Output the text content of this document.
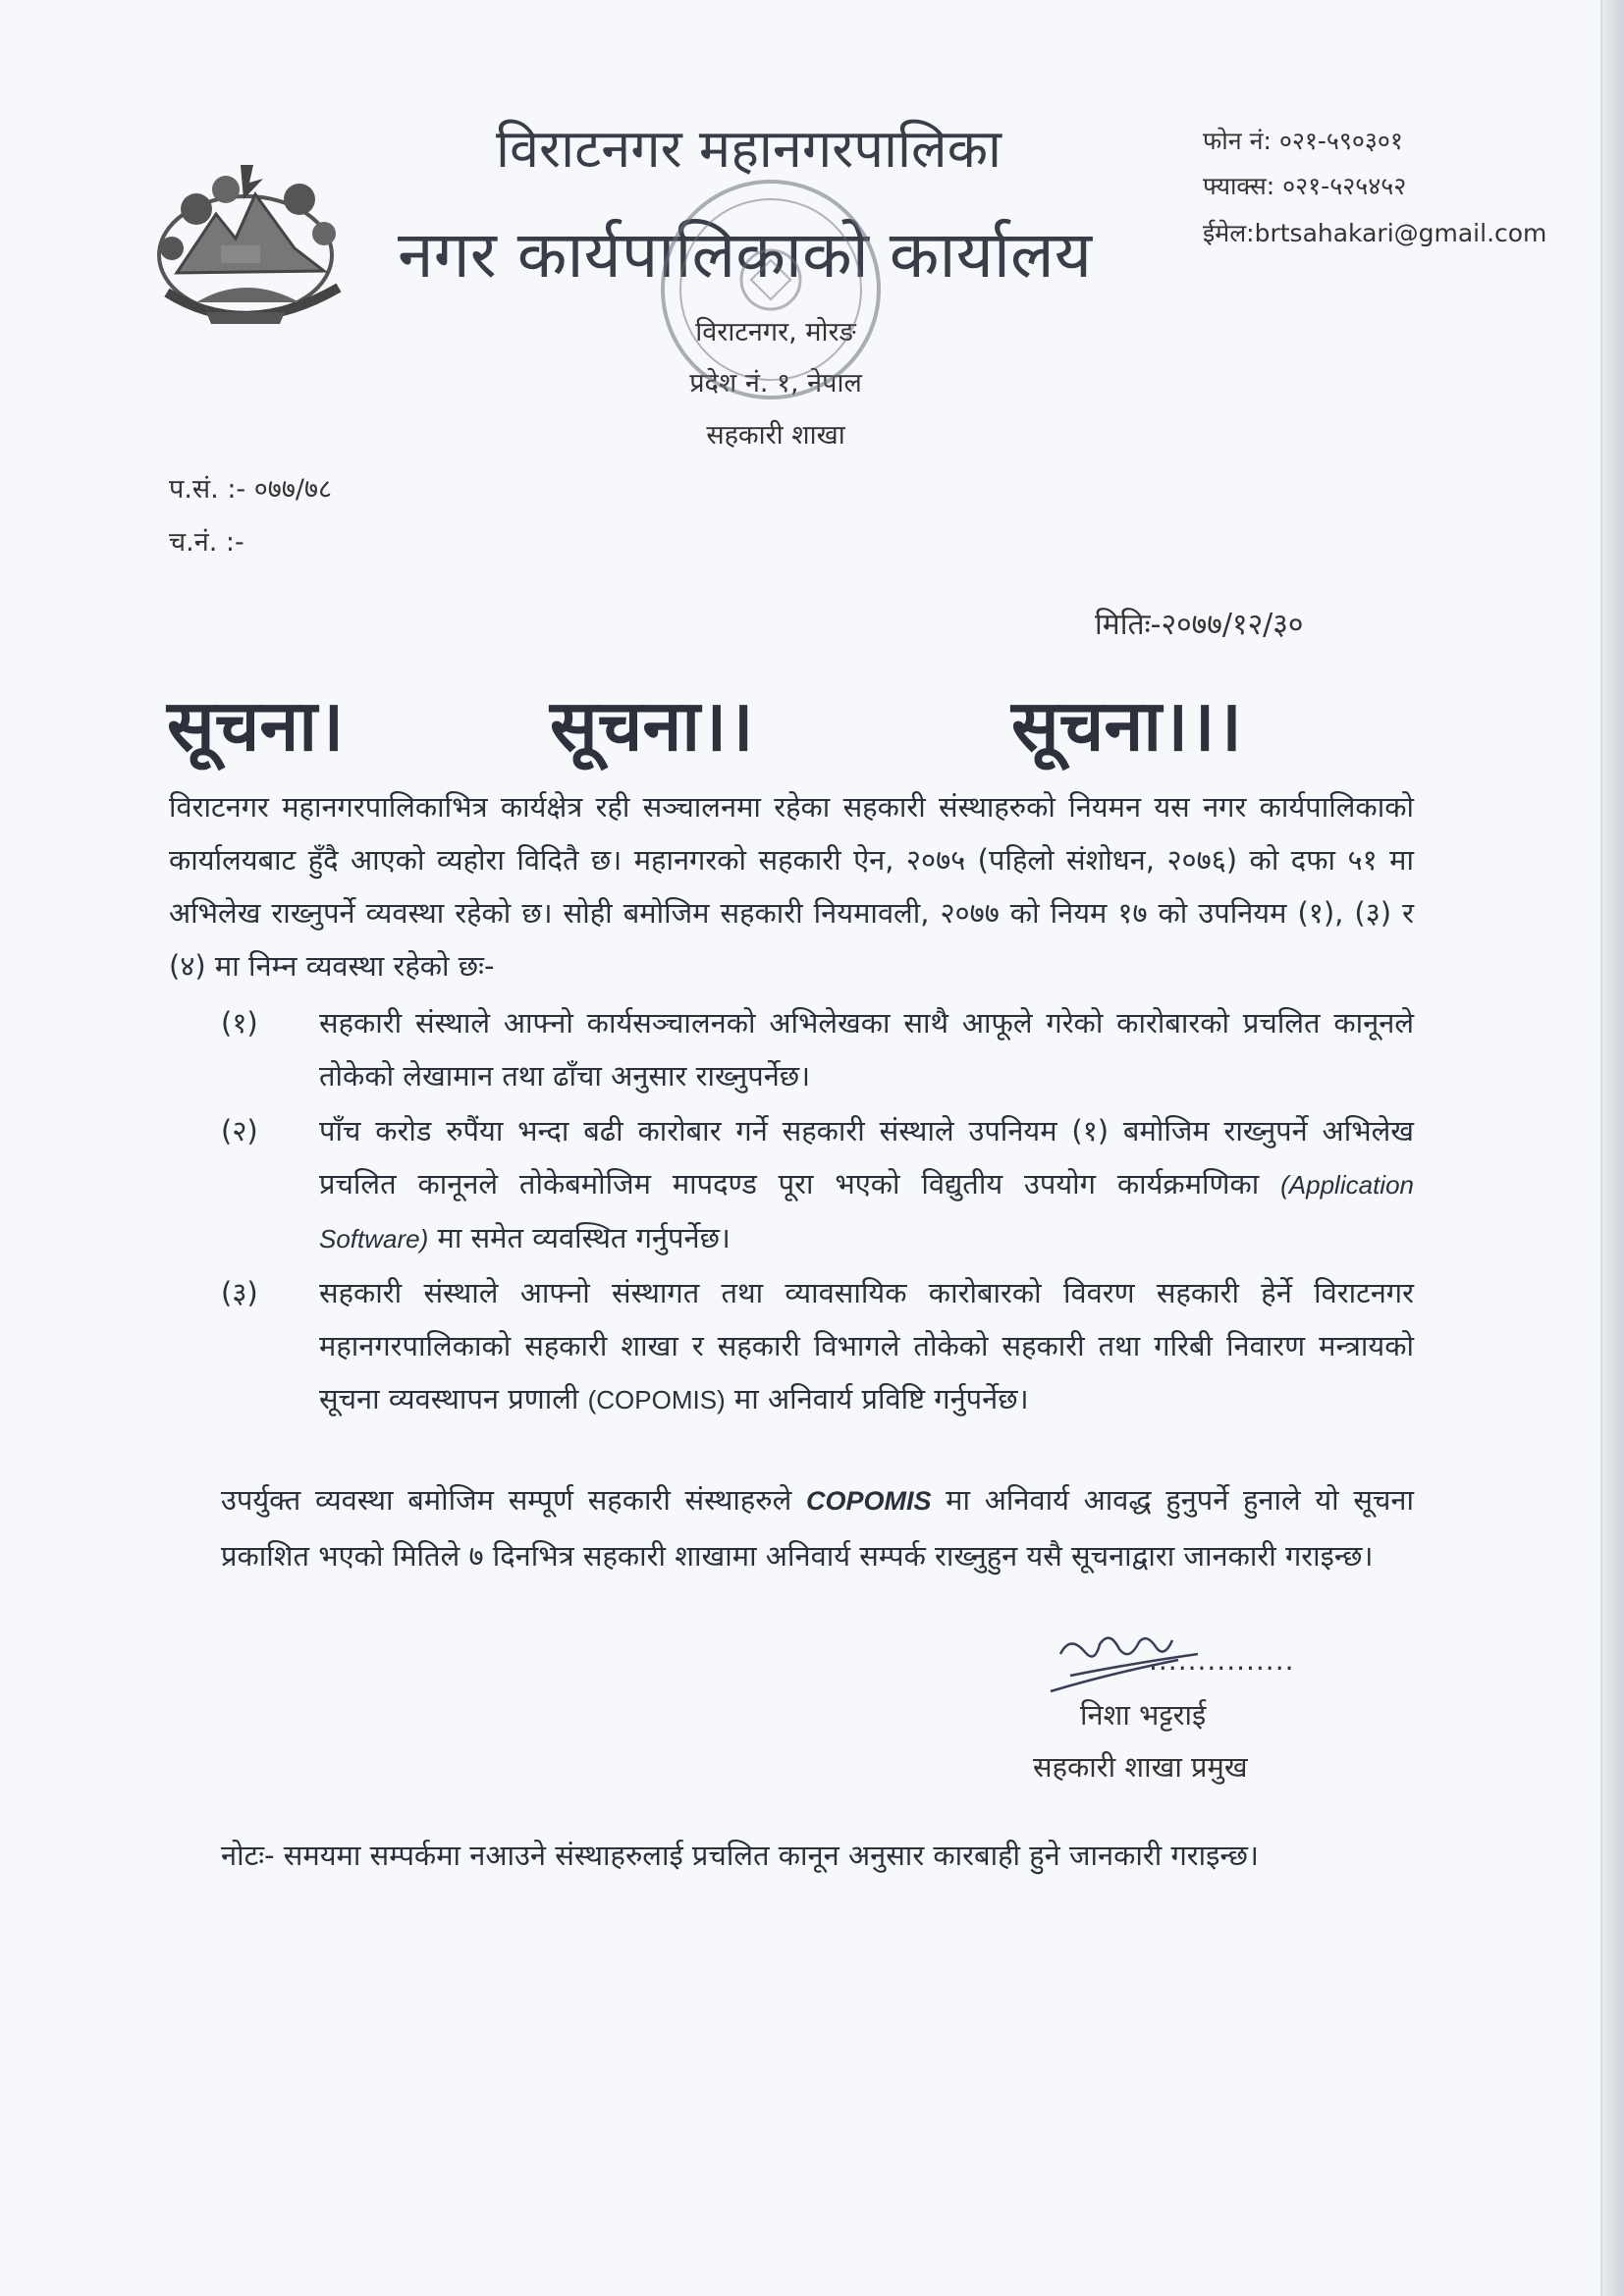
विराटनगर महानगरपालिका
नगर कार्यपालिकाको कार्यालय
विराटनगर, मोरङ
प्रदेश नं. १, नेपाल
सहकारी शाखा
फोन नं: ०२१-५९०३०१
फ्याक्स: ०२१-५२५४५२
ईमेल:brtsahakari@gmail.com
प.सं. :- ०७७/७८
च.नं. :-
मितिः-२०७७/१२/३०
सूचना।	सूचना।।	सूचना।।।
विराटनगर महानगरपालिकाभित्र कार्यक्षेत्र रही सञ्चालनमा रहेका सहकारी संस्थाहरुको नियमन यस नगर कार्यपालिकाको कार्यालयबाट हुँदै आएको व्यहोरा विदितै छ। महानगरको सहकारी ऐन, २०७५ (पहिलो संशोधन, २०७६) को दफा ५१ मा अभिलेख राख्नुपर्ने व्यवस्था रहेको छ। सोही बमोजिम सहकारी नियमावली, २०७७ को नियम १७ को उपनियम (१), (३) र (४) मा निम्न व्यवस्था रहेको छः-
(१)	सहकारी संस्थाले आफ्नो कार्यसञ्चालनको अभिलेखका साथै आफूले गरेको कारोबारको प्रचलित कानूनले तोकेको लेखामान तथा ढाँचा अनुसार राख्नुपर्नेछ।
(२)	पाँच करोड रुपैंया भन्दा बढी कारोबार गर्ने सहकारी संस्थाले उपनियम (१) बमोजिम राख्नुपर्ने अभिलेख प्रचलित कानूनले तोकेबमोजिम मापदण्ड पूरा भएको विद्युतीय उपयोग कार्यक्रमणिका (Application Software) मा समेत व्यवस्थित गर्नुपर्नेछ।
(३)	सहकारी संस्थाले आफ्नो संस्थागत तथा व्यावसायिक कारोबारको विवरण सहकारी हेर्ने विराटनगर महानगरपालिकाको सहकारी शाखा र सहकारी विभागले तोकेको सहकारी तथा गरिबी निवारण मन्त्रायको सूचना व्यवस्थापन प्रणाली (COPOMIS) मा अनिवार्य प्रविष्टि गर्नुपर्नेछ।
उपर्युक्त व्यवस्था बमोजिम सम्पूर्ण सहकारी संस्थाहरुले COPOMIS मा अनिवार्य आवद्ध हुनुपर्ने हुनाले यो सूचना प्रकाशित भएको मितिले ७ दिनभित्र सहकारी शाखामा अनिवार्य सम्पर्क राख्नुहुन यसै सूचनाद्वारा जानकारी गराइन्छ।
...............
निशा भट्टराई
सहकारी शाखा प्रमुख
नोटः- समयमा सम्पर्कमा नआउने संस्थाहरुलाई प्रचलित कानून अनुसार कारबाही हुने जानकारी गराइन्छ।
